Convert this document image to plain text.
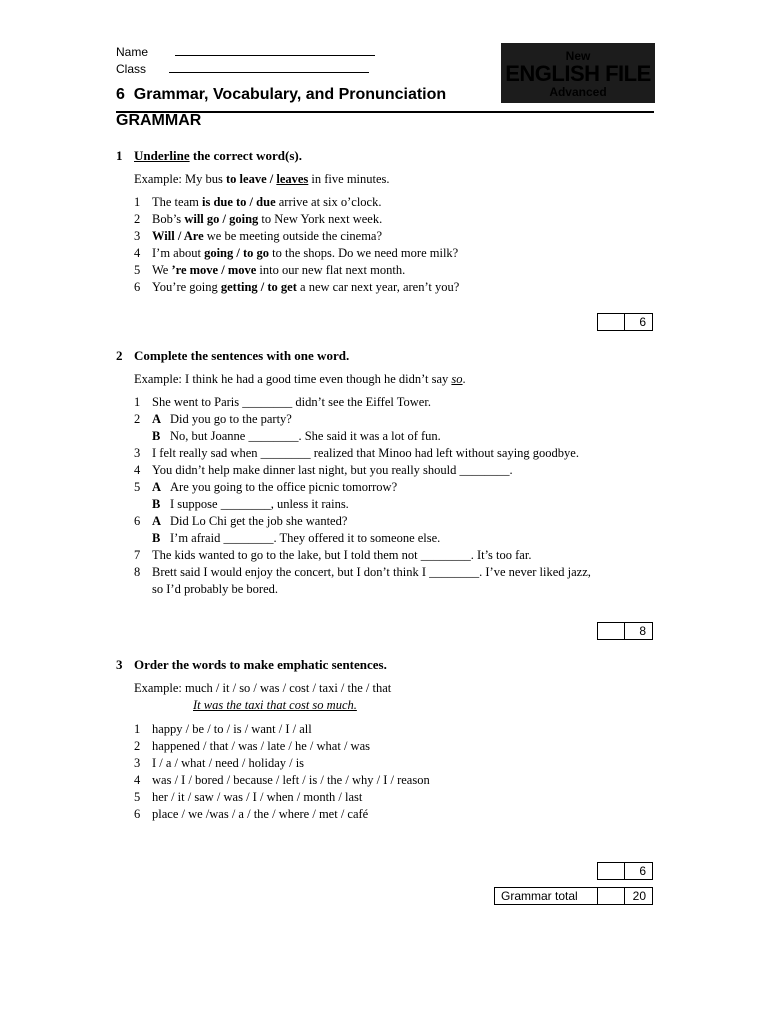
Name
Class
New
ENGLISH FILE
Advanced
6  Grammar, Vocabulary, and Pronunciation
GRAMMAR
1 Underline the correct word(s).
Example: My bus to leave / leaves in five minutes.
1 The team is due to / due arrive at six o’clock.
2 Bob’s will go / going to New York next week.
3 Will / Are we be meeting outside the cinema?
4 I’m about going / to go to the shops. Do we need more milk?
5 We ’re move / move into our new flat next month.
6 You’re going getting / to get a new car next year, aren’t you?
6
2 Complete the sentences with one word.
Example: I think he had a good time even though he didn’t say so.
1 She went to Paris ________ didn’t see the Eiffel Tower.
2 A Did you go to the party?
B No, but Joanne ________. She said it was a lot of fun.
3 I felt really sad when ________ realized that Minoo had left without saying goodbye.
4 You didn’t help make dinner last night, but you really should ________.
5 A Are you going to the office picnic tomorrow?
B I suppose ________, unless it rains.
6 A Did Lo Chi get the job she wanted?
B I’m afraid ________. They offered it to someone else.
7 The kids wanted to go to the lake, but I told them not ________. It’s too far.
8 Brett said I would enjoy the concert, but I don’t think I ________. I’ve never liked jazz,
so I’d probably be bored.
8
3 Order the words to make emphatic sentences.
Example: much / it / so / was / cost / taxi / the / that
It was the taxi that cost so much.
1 happy / be / to / is / want / I / all
2 happened / that / was / late / he / what / was
3 I / a / what / need / holiday / is
4 was / I / bored / because / left / is / the / why / I / reason
5 her / it / saw / was / I / when / month / last
6 place / we /was / a / the / where / met / café
6
Grammar total	20
